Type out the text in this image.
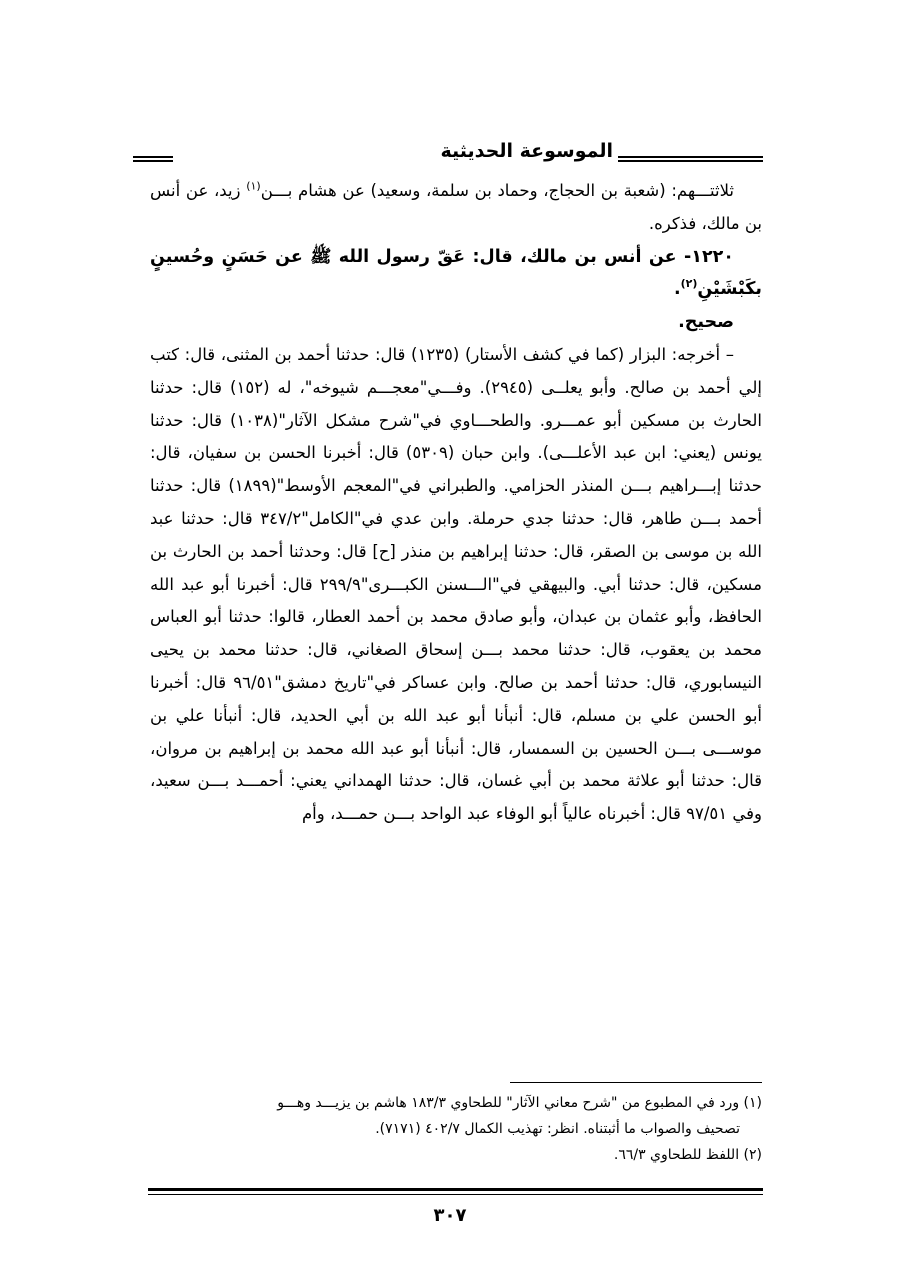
الموسوعة الحديثية

ثلاثتـــهم: (شعبة بن الحجاج، وحماد بن سلمة، وسعيد) عن هشام بـــن$^{(١)}$ زيد، عن أنس بن مالك، فذكره.

١٢٢٠- عن أنس بن مالك، قال: عَقّ رسول الله ﷺ عن حَسَنٍ وحُسينٍ بكَبْشَيْنِ$^{(٢)}$.

صحيح.

– أخرجه: البزار (كما في كشف الأستار) (١٢٣٥) قال: حدثنا أحمد بن المثنى، قال: كتب إلي أحمد بن صالح. وأبو يعلــى (٢٩٤٥). وفـــي"معجـــم شيوخه"، له (١٥٢) قال: حدثنا الحارث بن مسكين أبو عمـــرو. والطحـــاوي في"شرح مشكل الآثار"(١٠٣٨) قال: حدثنا يونس (يعني: ابن عبد الأعلـــى). وابن حبان (٥٣٠٩) قال: أخبرنا الحسن بن سفيان، قال: حدثنا إبـــراهيم بـــن المنذر الحزامي. والطبراني في"المعجم الأوسط"(١٨٩٩) قال: حدثنا أحمد بـــن طاهر، قال: حدثنا جدي حرملة. وابن عدي في"الكامل"٣٤٧/٢ قال: حدثنا عبد الله بن موسى بن الصقر، قال: حدثنا إبراهيم بن منذر [ح] قال: وحدثنا أحمد بن الحارث بن مسكين، قال: حدثنا أبي. والبيهقي في"الـــسنن الكبـــرى"٢٩٩/٩ قال: أخبرنا أبو عبد الله الحافظ، وأبو عثمان بن عبدان، وأبو صادق محمد بن أحمد العطار، قالوا: حدثنا أبو العباس محمد بن يعقوب، قال: حدثنا محمد بـــن إسحاق الصغاني، قال: حدثنا محمد بن يحيى النيسابوري، قال: حدثنا أحمد بن صالح. وابن عساكر في"تاريخ دمشق"٩٦/٥١ قال: أخبرنا أبو الحسن علي بن مسلم، قال: أنبأنا أبو عبد الله بن أبي الحديد، قال: أنبأنا علي بن موســـى بـــن الحسين بن السمسار، قال: أنبأنا أبو عبد الله محمد بن إبراهيم بن مروان، قال: حدثنا أبو علاثة محمد بن أبي غسان، قال: حدثنا الهمداني يعني: أحمـــد بـــن سعيد، وفي ٩٧/٥١ قال: أخبرناه عالياً أبو الوفاء عبد الواحد بـــن حمـــد، وأم

(١) ورد في المطبوع من "شرح معاني الآثار" للطحاوي ١٨٣/٣ هاشم بن يزيـــد وهـــو

تصحيف والصواب ما أثبتناه. انظر: تهذيب الكمال ٤٠٢/٧ (٧١٧١).

(٢) اللفظ للطحاوي ٦٦/٣.

٣٠٧
